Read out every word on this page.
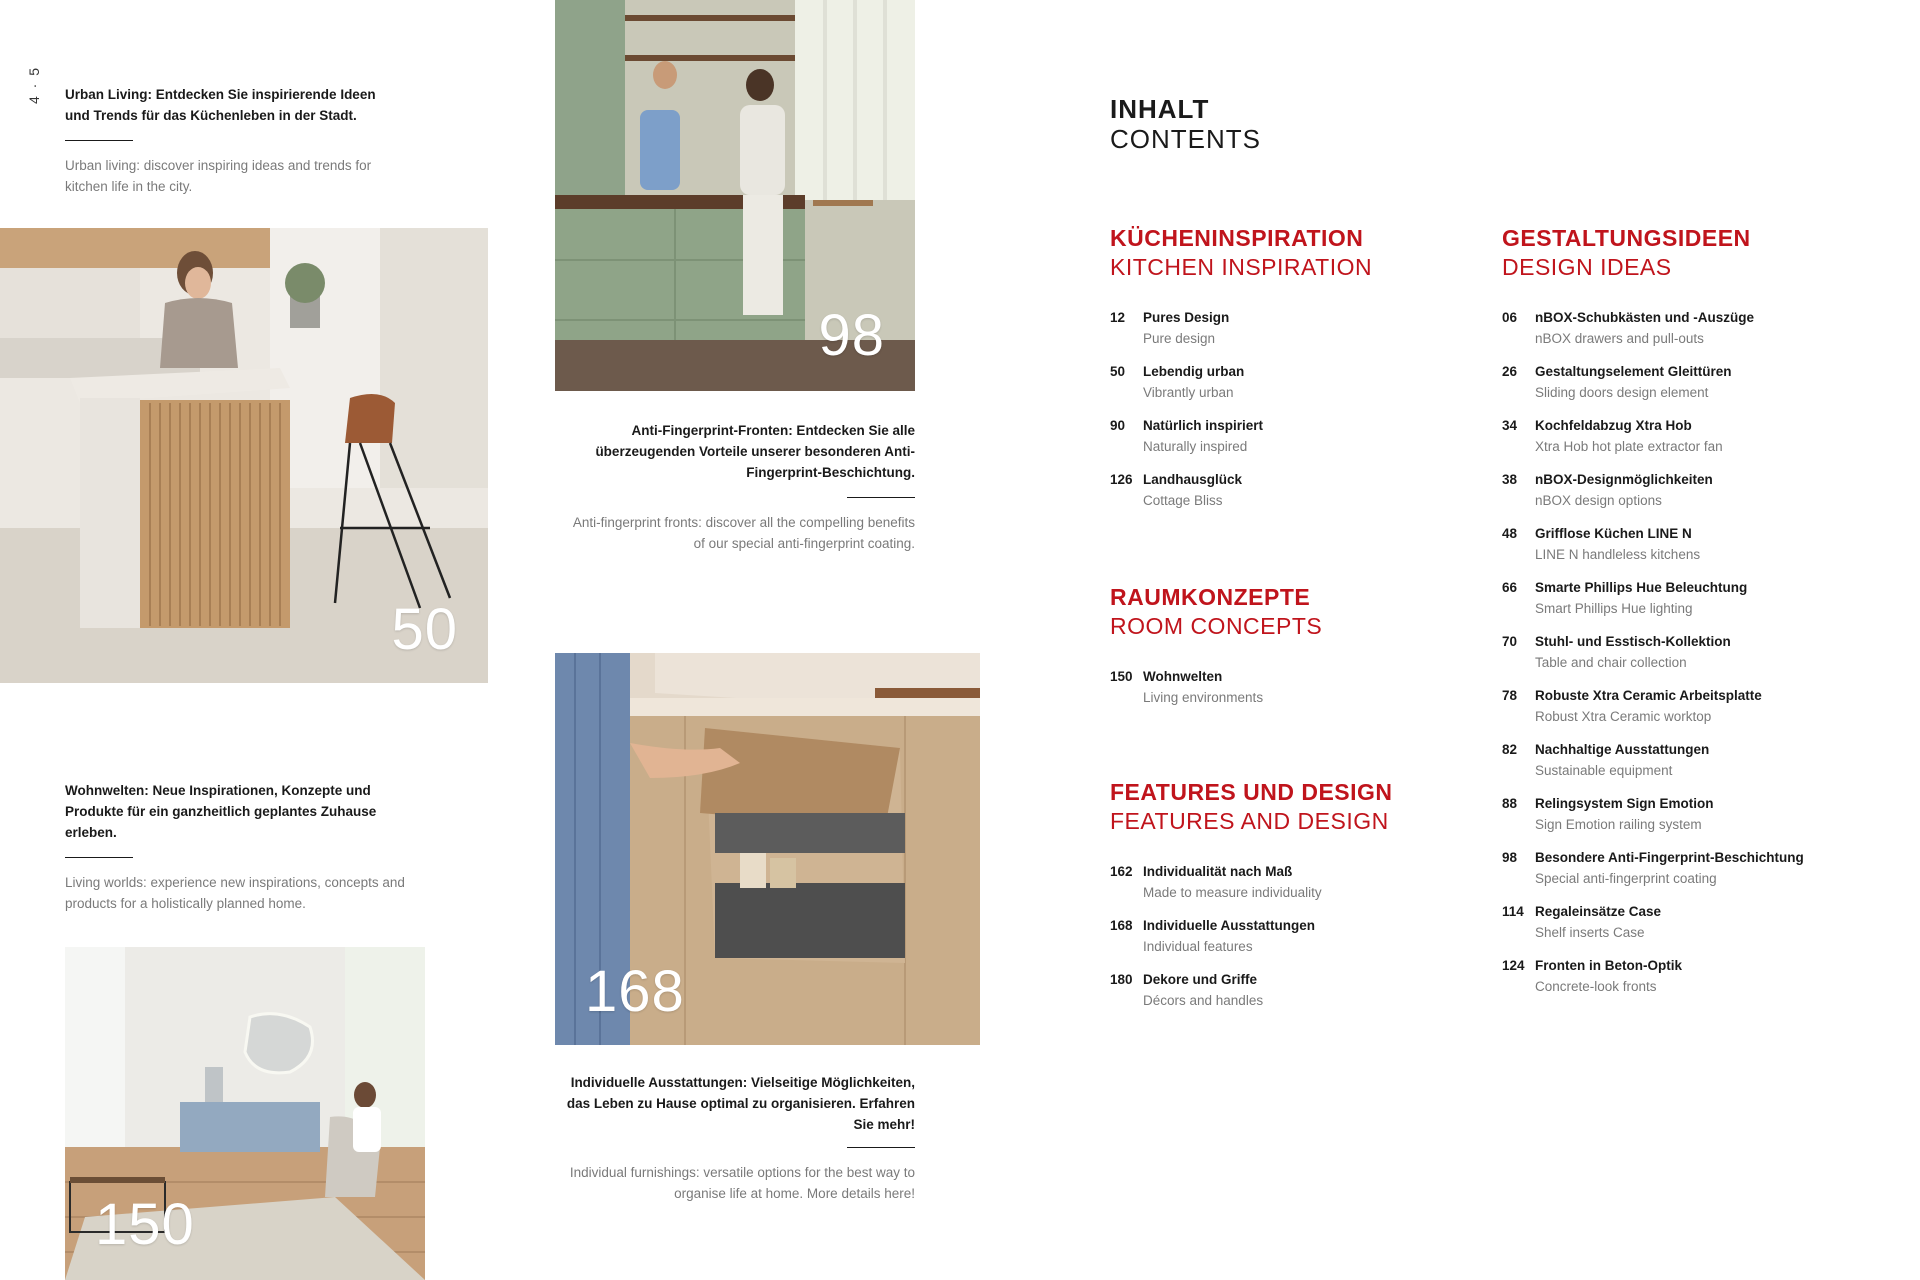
4 · 5 Urban Living: Entdecken Sie inspirierende Ideen und Trends für das Küchenleben in der Stadt.
Urban living: discover inspiring ideas and trends for kitchen life in the city.
50
98
Anti-Fingerprint-Fronten: Entdecken Sie alle überzeugenden Vorteile unserer besonderen Anti-Fingerprint-Beschichtung.
Anti-fingerprint fronts: discover all the compelling benefits of our special anti-fingerprint coating.
Wohnwelten: Neue Inspirationen, Konzepte und Produkte für ein ganzheitlich geplantes Zuhause erleben.
Living worlds: experience new inspirations, concepts and products for a holistically planned home.
150
168
Individuelle Ausstattungen: Vielseitige Möglichkeiten, das Leben zu Hause optimal zu organisieren. Erfahren Sie mehr!
Individual furnishings: versatile options for the best way to organise life at home. More details here!
INHALT
CONTENTS
KÜCHENINSPIRATION
KITCHEN INSPIRATION
12 Pures Design
Pure design
50 Lebendig urban
Vibrantly urban
90 Natürlich inspiriert
Naturally inspired
126 Landhausglück
Cottage Bliss
RAUMKONZEPTE
ROOM CONCEPTS
150 Wohnwelten
Living environments
FEATURES UND DESIGN
FEATURES AND DESIGN
162 Individualität nach Maß
Made to measure individuality
168 Individuelle Ausstattungen
Individual features
180 Dekore und Griffe
Décors and handles
GESTALTUNGSIDEEN
DESIGN IDEAS
06 nBOX-Schubkästen und -Auszüge
nBOX drawers and pull-outs
26 Gestaltungselement Gleittüren
Sliding doors design element
34 Kochfeldabzug Xtra Hob
Xtra Hob hot plate extractor fan
38 nBOX-Designmöglichkeiten
nBOX design options
48 Grifflose Küchen LINE N
LINE N handleless kitchens
66 Smarte Phillips Hue Beleuchtung
Smart Phillips Hue lighting
70 Stuhl- und Esstisch-Kollektion
Table and chair collection
78 Robuste Xtra Ceramic Arbeitsplatte
Robust Xtra Ceramic worktop
82 Nachhaltige Ausstattungen
Sustainable equipment
88 Relingsystem Sign Emotion
Sign Emotion railing system
98 Besondere Anti-Fingerprint-Beschichtung
Special anti-fingerprint coating
114 Regaleinsätze Case
Shelf inserts Case
124 Fronten in Beton-Optik
Concrete-look fronts
